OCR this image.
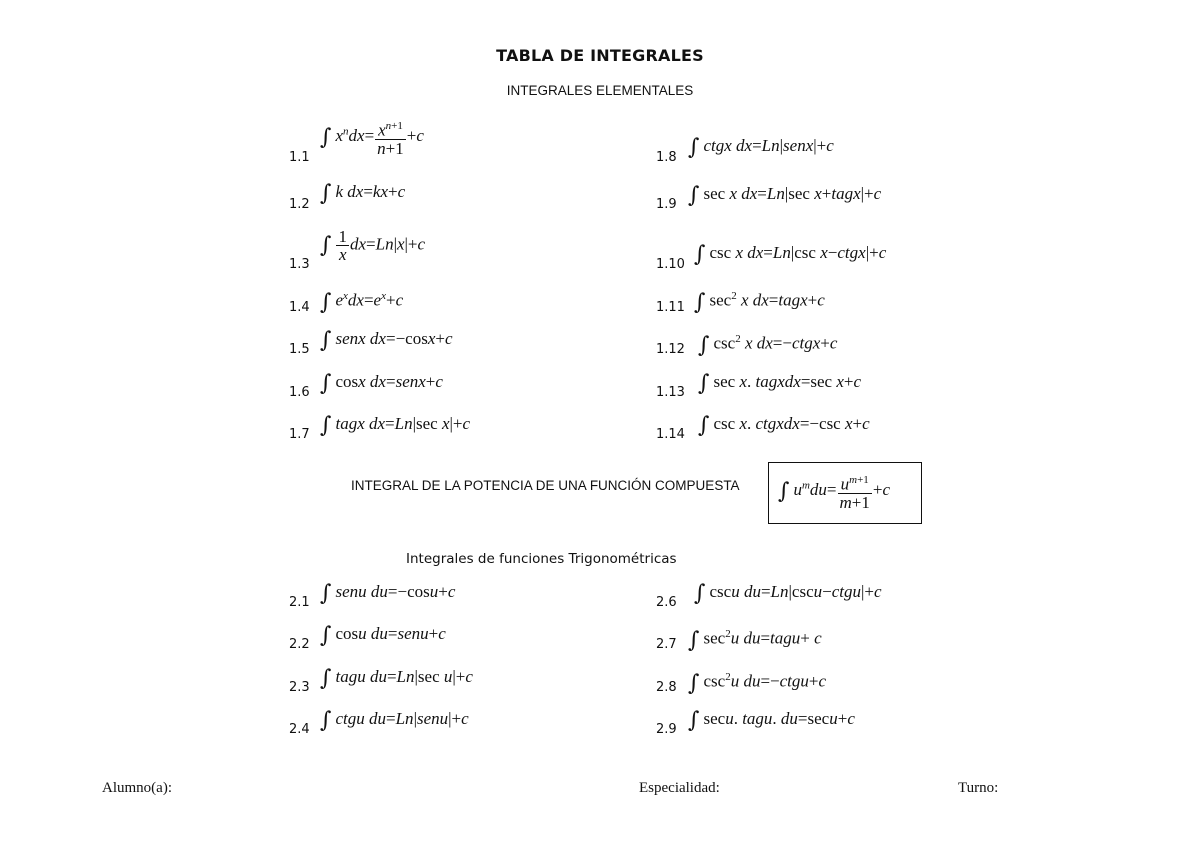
TABLA DE INTEGRALES
INTEGRALES ELEMENTALES
1.1
∫ $x^ndx= \frac{x^{n+1}}{n+1} +c$
1.2 ∫ k dx=kx+c
1.3
∫ $\frac{1}{x} dx=Ln|x|+c$
1.4 ∫ $e^xdx=e^x+c$
1.5 ∫ senx dx=−cosx+c
1.6 ∫ cosx dx=senx+c
1.7 ∫ tagx dx=Ln|sec x|+c
1.8 ∫ ctgx dx=Ln|senx|+c
1.9 ∫ sec x dx=Ln|sec x+tagx|+c
1.10 ∫ csc x dx=Ln|csc x−ctgx|+c
1.11 ∫ $\sec^2 x$ dx=tagx+c
1.12 ∫ $\csc^2 x$ dx=−ctgx+c
1.13 ∫ sec x. tagxdx=sec x+c
1.14 ∫ csc x. ctgxdx=−csc x+c
INTEGRAL DE LA POTENCIA DE UNA FUNCIÓN COMPUESTA ∫ $u^mdu= \frac{u^{m+1}}{m+1} +c$
Integrales de funciones Trigonométricas
2.1 ∫ senu du=−cosu+c
2.2 ∫ cosu du=senu+c
2.3 ∫ tagu du=Ln|sec u|+c
2.4 ∫ ctgu du=Ln|senu|+c
2.6 ∫ cscu du=Ln|cscu−ctgu|+c
2.7 ∫ $\sec^2u$ du=tagu+ c
2.8 ∫ $\csc^2u$ du=−ctgu+c
2.9 ∫ secu. tagu. du=secu+c
Alumno(a):	Especialidad:	Turno:
